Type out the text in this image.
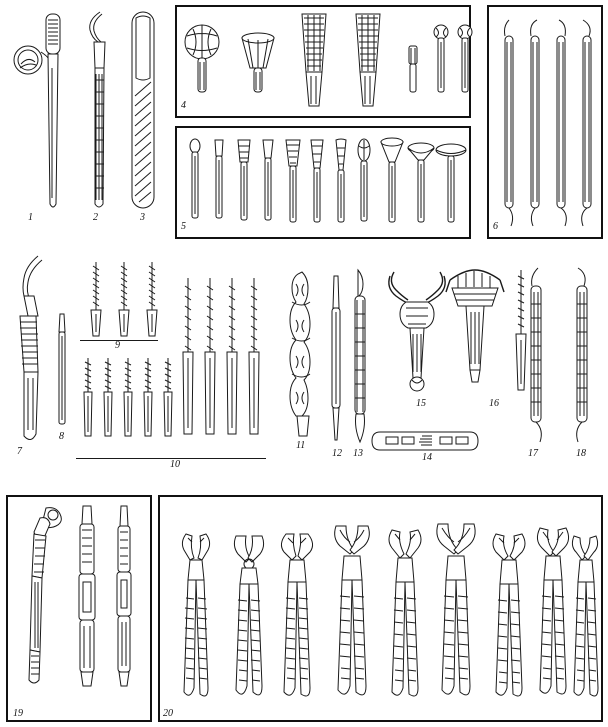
1	2	3
4
5	6
7
8
9
10
11
12 13	14
15	16
17	18
19	20
